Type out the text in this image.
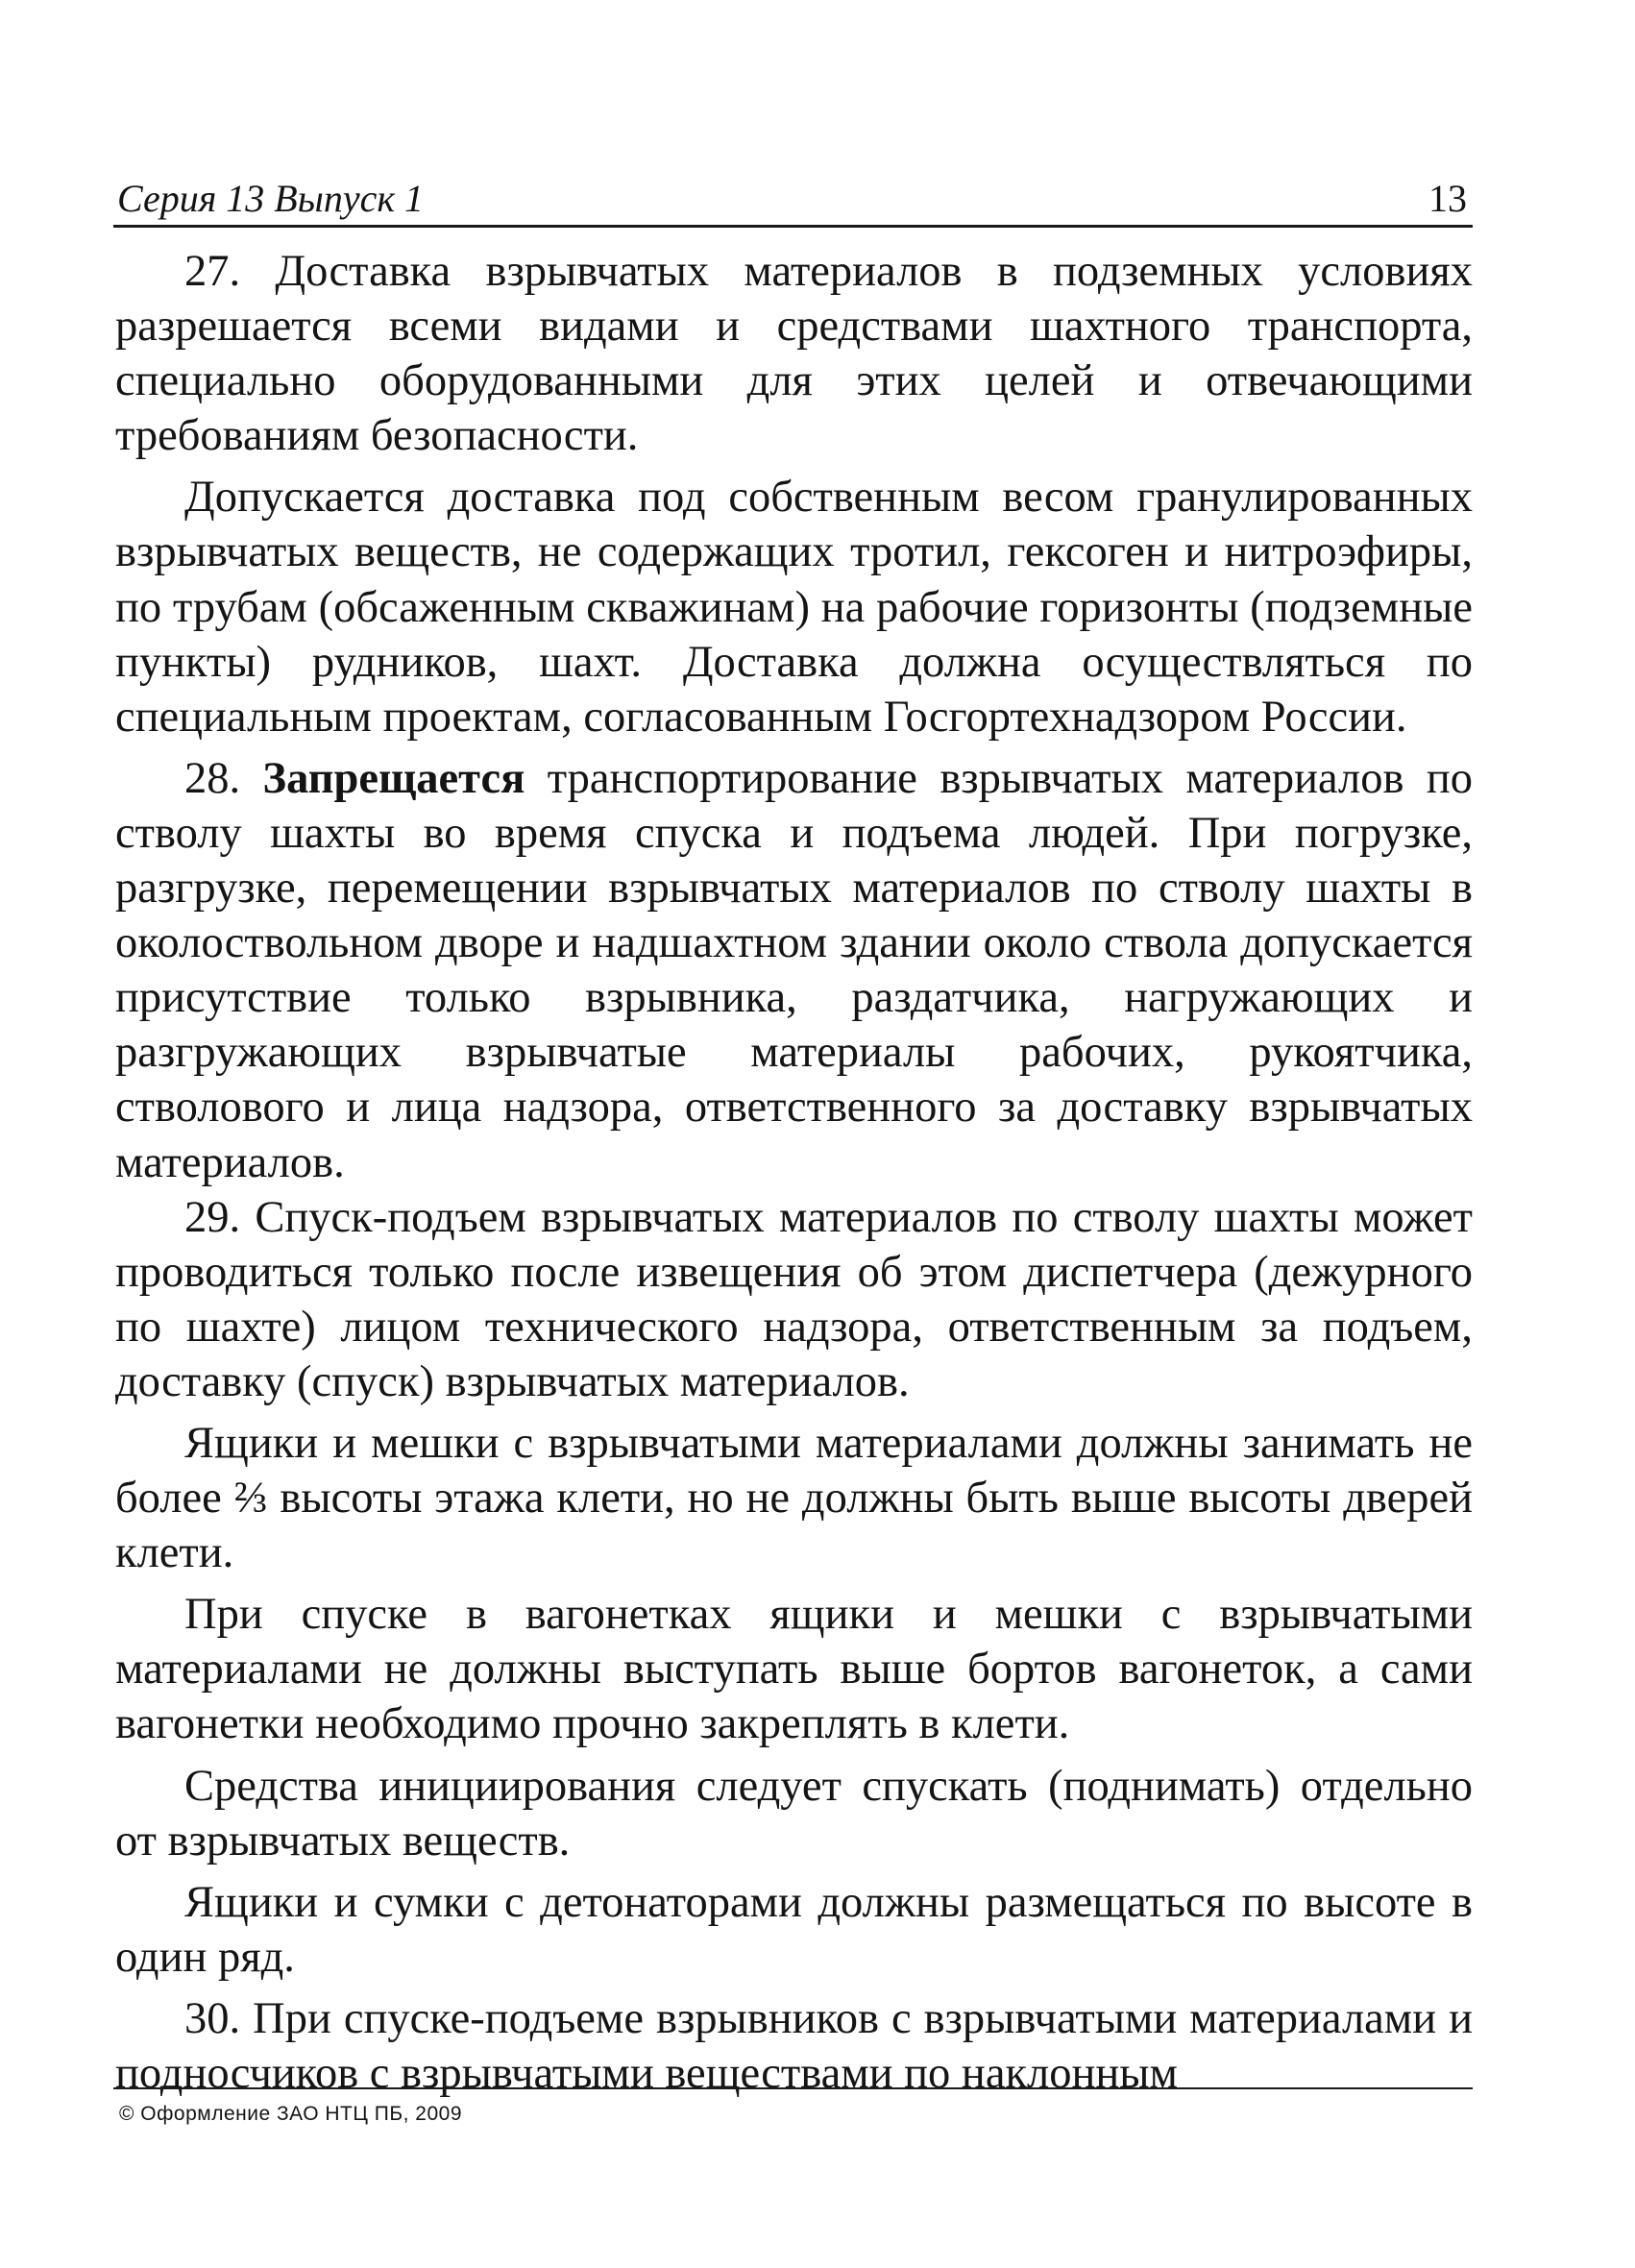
Серия 13 Выпуск 1	13

27. Доставка взрывчатых материалов в подземных условиях разрешается всеми видами и средствами шахтного транспорта, специально оборудованными для этих целей и отвечающими требованиям безопасности.

Допускается доставка под собственным весом гранулированных взрывчатых веществ, не содержащих тротил, гексоген и нитроэфиры, по трубам (обсаженным скважинам) на рабочие горизонты (подземные пункты) рудников, шахт. Доставка должна осуществляться по специальным проектам, согласованным Госгортехнадзором России.

28. Запрещается транспортирование взрывчатых материалов по стволу шахты во время спуска и подъема людей. При погрузке, разгрузке, перемещении взрывчатых материалов по стволу шахты в околоствольном дворе и надшахтном здании около ствола допускается присутствие только взрывника, раздатчика, нагружающих и разгружающих взрывчатые материалы рабочих, рукоятчика, стволового и лица надзора, ответственного за доставку взрывчатых материалов.

29. Спуск-подъем взрывчатых материалов по стволу шахты может проводиться только после извещения об этом диспетчера (дежурного по шахте) лицом технического надзора, ответственным за подъем, доставку (спуск) взрывчатых материалов.

Ящики и мешки с взрывчатыми материалами должны занимать не более ⅔ высоты этажа клети, но не должны быть выше высоты дверей клети.

При спуске в вагонетках ящики и мешки с взрывчатыми материалами не должны выступать выше бортов вагонеток, а сами вагонетки необходимо прочно закреплять в клети.

Средства инициирования следует спускать (поднимать) отдельно от взрывчатых веществ.

Ящики и сумки с детонаторами должны размещаться по высоте в один ряд.

30. При спуске-подъеме взрывников с взрывчатыми материалами и подносчиков с взрывчатыми веществами по наклонным

© Оформление ЗАО НТЦ ПБ, 2009
